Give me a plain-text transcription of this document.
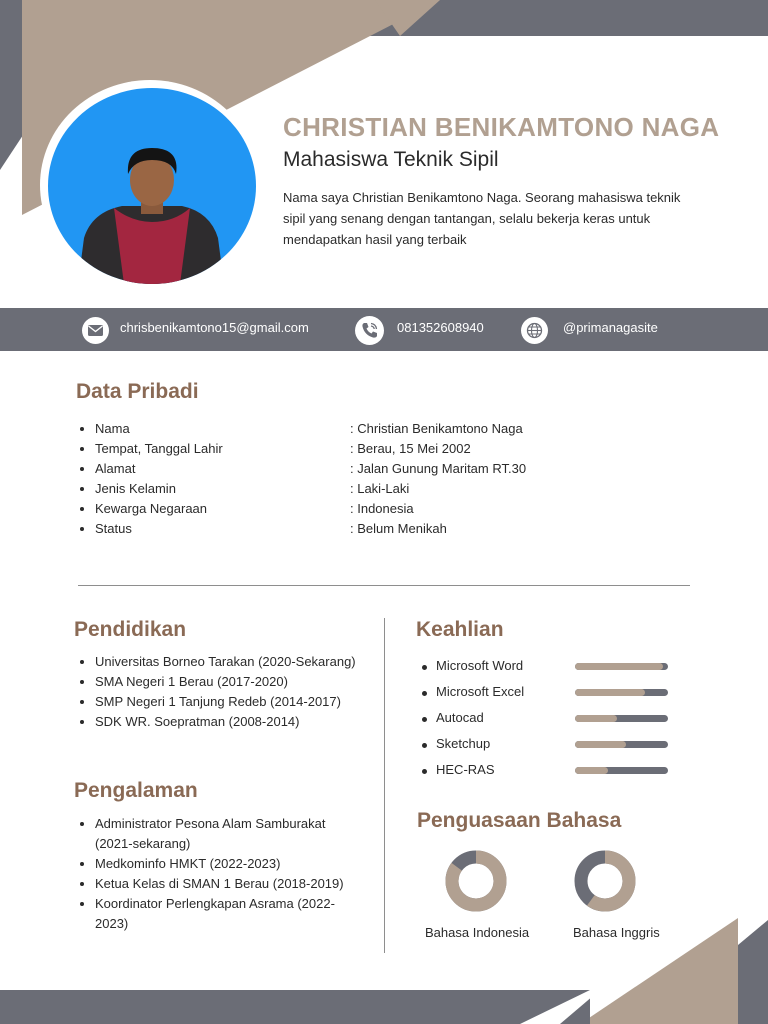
CHRISTIAN BENIKAMTONO NAGA
Mahasiswa Teknik Sipil
Nama saya Christian Benikamtono Naga. Seorang mahasiswa teknik sipil yang senang dengan tantangan, selalu bekerja keras untuk mendapatkan hasil yang terbaik
chrisbenikamtono15@gmail.com	081352608940	@primanagasite
Data Pribadi
• Nama	: Christian Benikamtono Naga
• Tempat, Tanggal Lahir	: Berau, 15 Mei 2002
• Alamat	: Jalan Gunung Maritam RT.30
• Jenis Kelamin	: Laki-Laki
• Kewarga Negaraan	: Indonesia
• Status	: Belum Menikah
Pendidikan
• Universitas Borneo Tarakan (2020-Sekarang)
• SMA Negeri 1 Berau (2017-2020)
• SMP Negeri 1 Tanjung Redeb (2014-2017)
• SDK WR. Soepratman (2008-2014)
Pengalaman
• Administrator Pesona Alam Samburakat (2021-sekarang)
• Medkominfo HMKT (2022-2023)
• Ketua Kelas di SMAN 1 Berau (2018-2019)
• Koordinator Perlengkapan Asrama (2022-2023)
Keahlian
Microsoft Word
Microsoft Excel
Autocad
Sketchup
HEC-RAS
Penguasaan Bahasa
Bahasa Indonesia	Bahasa Inggris
